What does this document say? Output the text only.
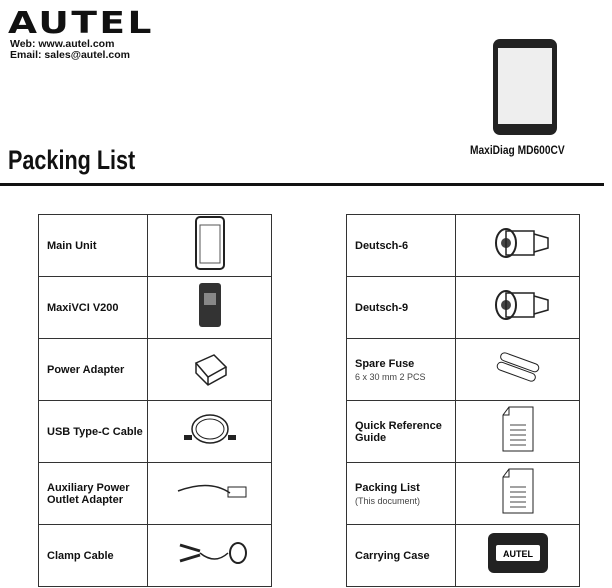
AUTEL
Web: www.autel.com
Email: sales@autel.com
MaxiDiag MD600CV
Packing List
Main Unit	
MaxiVCI V200	
Power Adapter	
USB Type-C Cable	
Auxiliary Power Outlet Adapter	
Clamp Cable	
Deutsch-6	
Deutsch-9	
Spare Fuse
6 x 30 mm 2 PCS

Quick Reference Guide	
Packing List
(This document)

Carrying Case	AUTEL
